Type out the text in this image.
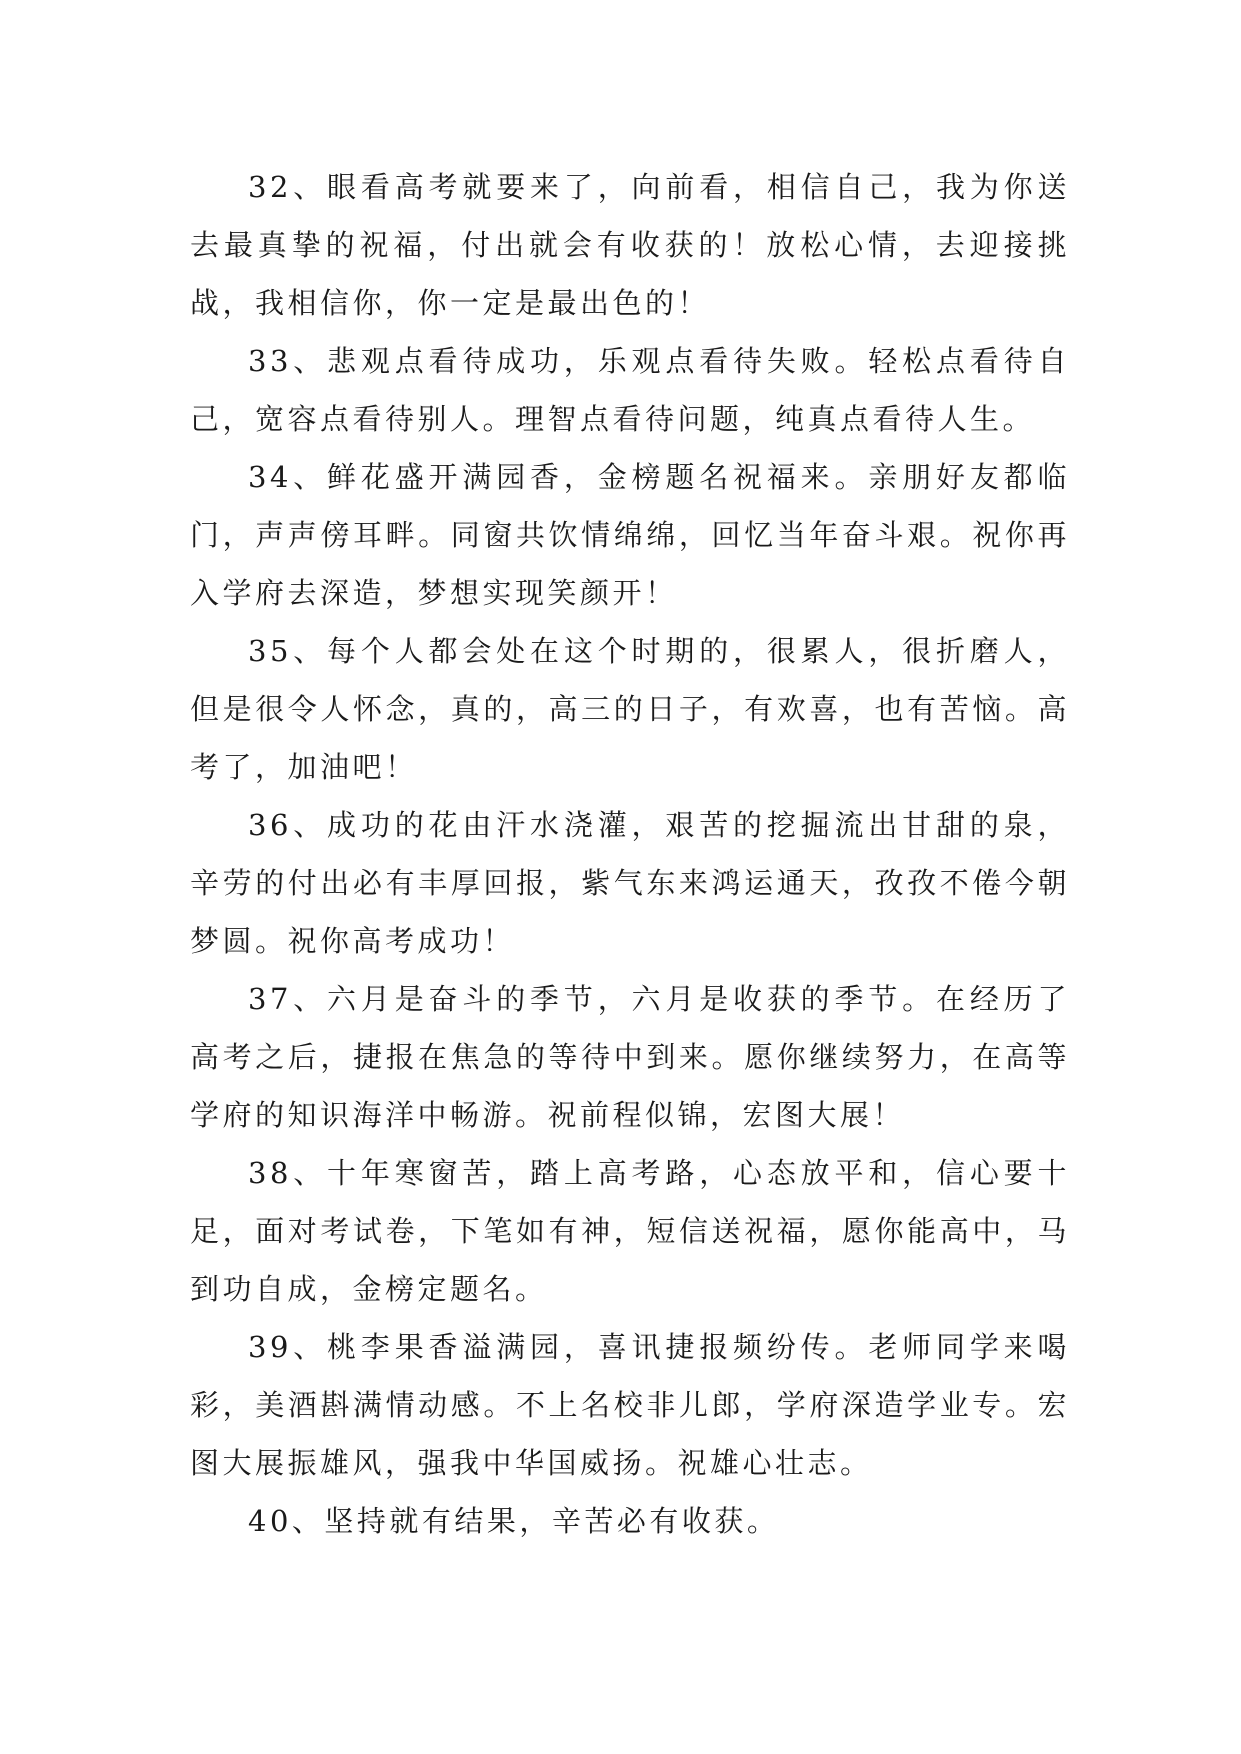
32、眼看高考就要来了，向前看，相信自己，我为你送去最真挚的祝福，付出就会有收获的！放松心情，去迎接挑战，我相信你，你一定是最出色的！

33、悲观点看待成功，乐观点看待失败。轻松点看待自己，宽容点看待别人。理智点看待问题，纯真点看待人生。

34、鲜花盛开满园香，金榜题名祝福来。亲朋好友都临门，声声傍耳畔。同窗共饮情绵绵，回忆当年奋斗艰。祝你再入学府去深造，梦想实现笑颜开！

35、每个人都会处在这个时期的，很累人，很折磨人，但是很令人怀念，真的，高三的日子，有欢喜，也有苦恼。高考了，加油吧！

36、成功的花由汗水浇灌，艰苦的挖掘流出甘甜的泉，辛劳的付出必有丰厚回报，紫气东来鸿运通天，孜孜不倦今朝梦圆。祝你高考成功！

37、六月是奋斗的季节，六月是收获的季节。在经历了高考之后，捷报在焦急的等待中到来。愿你继续努力，在高等学府的知识海洋中畅游。祝前程似锦，宏图大展！

38、十年寒窗苦，踏上高考路，心态放平和，信心要十足，面对考试卷，下笔如有神，短信送祝福，愿你能高中，马到功自成，金榜定题名。

39、桃李果香溢满园，喜讯捷报频纷传。老师同学来喝彩，美酒斟满情动感。不上名校非儿郎，学府深造学业专。宏图大展振雄风，强我中华国威扬。祝雄心壮志。

40、坚持就有结果，辛苦必有收获。
